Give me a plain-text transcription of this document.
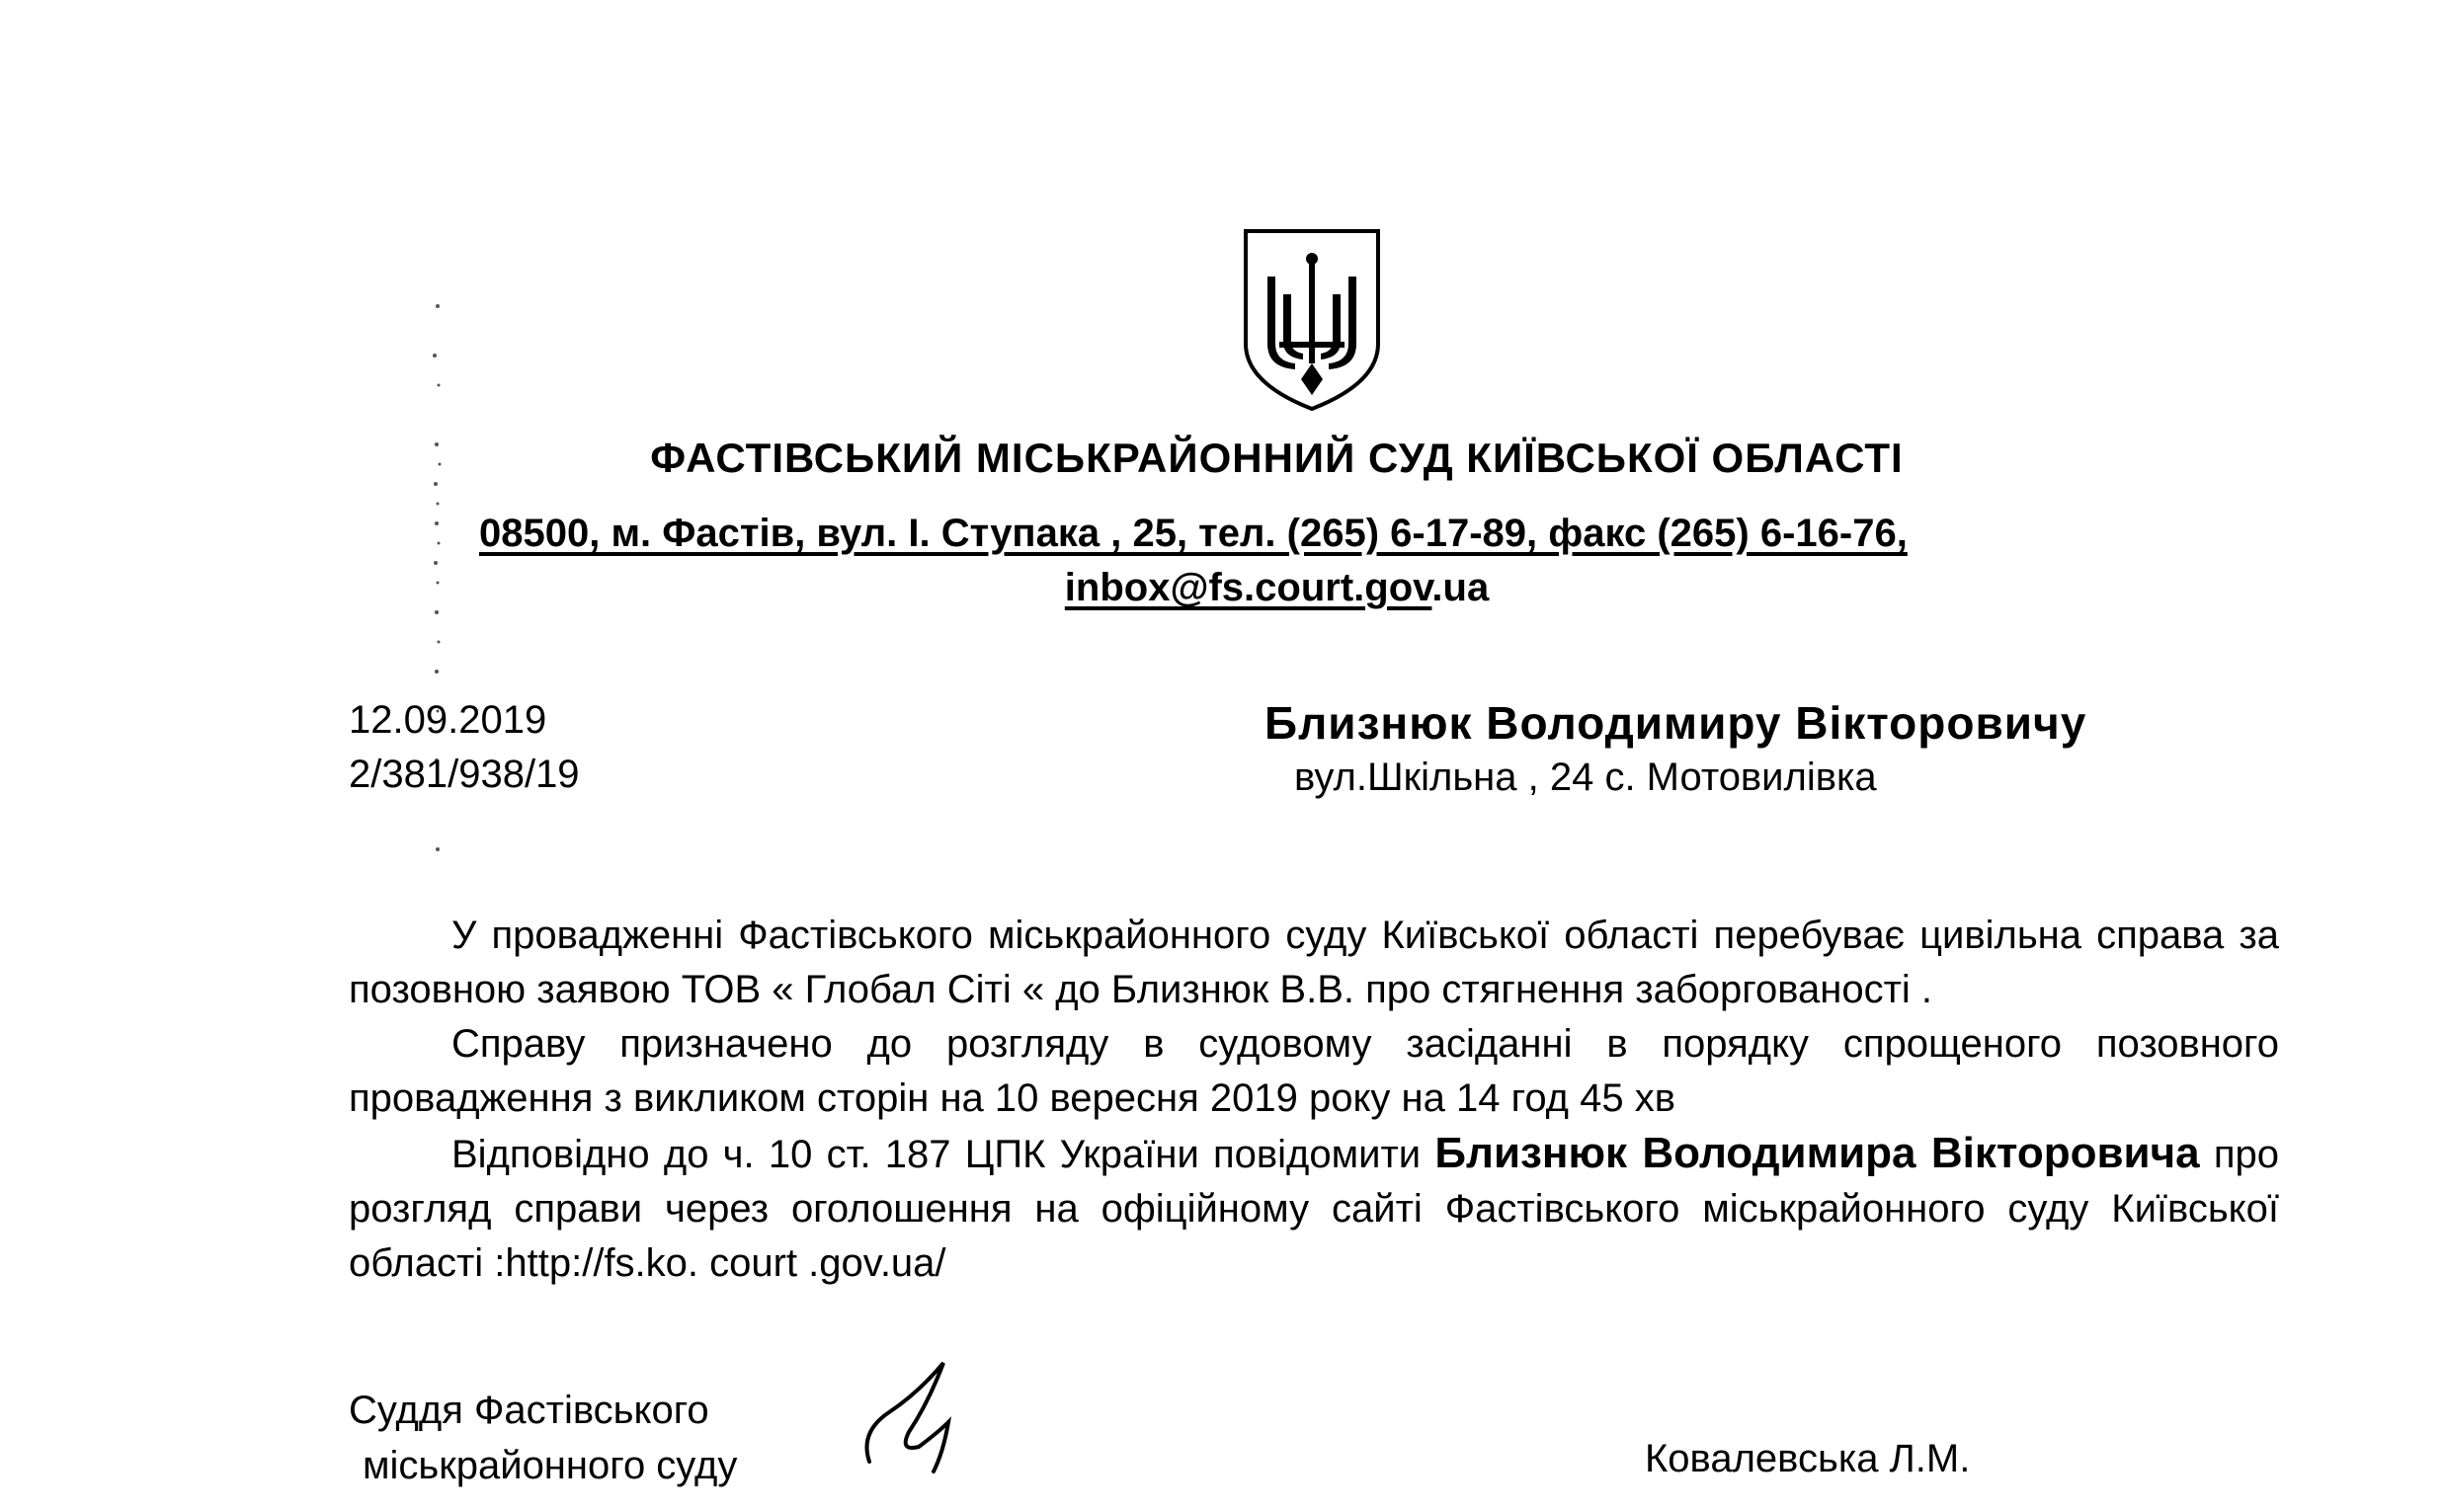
ФАСТІВСЬКИЙ МІСЬКРАЙОННИЙ СУД КИЇВСЬКОЇ ОБЛАСТІ
08500, м. Фастів, вул. І. Ступака , 25, тел. (265) 6-17-89, факс (265) 6-16-76,
inbox@fs.court.gov.ua
12.09.2019
2/381/938/19
Близнюк Володимиру Вікторовичу
вул.Шкільна , 24 с. Мотовилівка

У провадженні Фастівського міськрайонного суду Київської області перебуває цивільна справа за позовною заявою ТОВ « Глобал Сіті « до Близнюк В.В. про стягнення заборгованості .

Справу призначено до розгляду в судовому засіданні в порядку спрощеного позовного провадження з викликом сторін на 10 вересня 2019 року на 14 год 45 хв

Відповідно до ч. 10 ст. 187 ЦПК України повідомити Близнюк Володимира Вікторовича про розгляд справи через оголошення на офіційному сайті Фастівського міськрайонного суду Київської області :http://fs.ko. court .gov.ua/

Суддя Фастівського
міськрайонного суду	Ковалевська Л.М.
